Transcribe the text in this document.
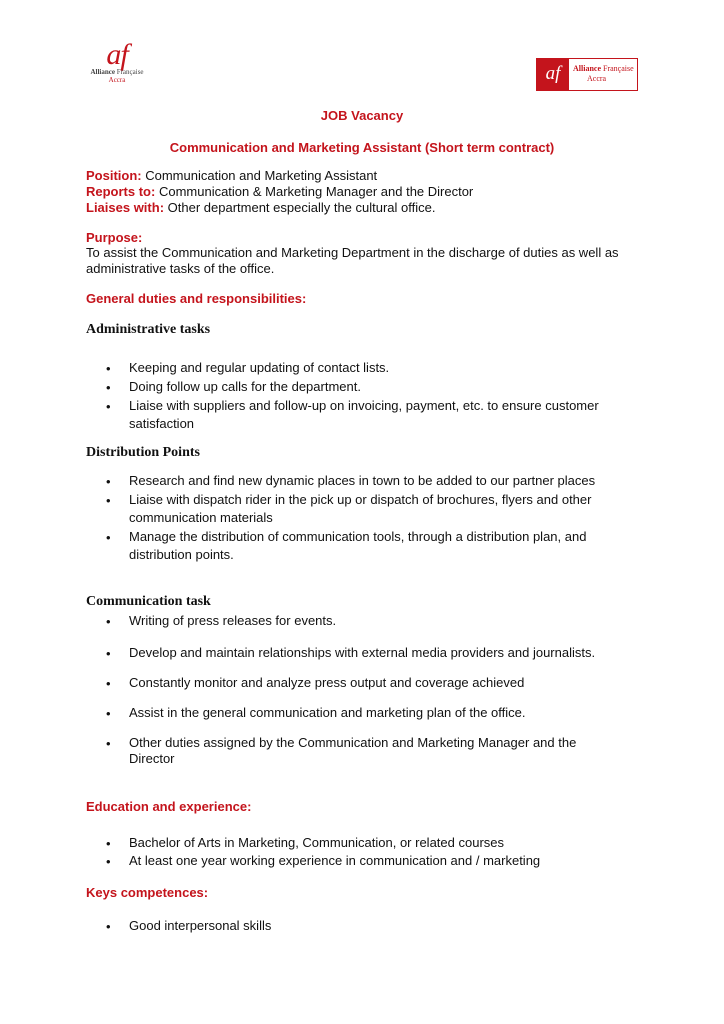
af
Alliance Française
Accra	af	Alliance Française
Accra
JOB Vacancy
Communication and Marketing Assistant (Short term contract)
Position: Communication and Marketing Assistant
Reports to: Communication & Marketing Manager and the Director
Liaises with: Other department especially the cultural office.
Purpose:
To assist the Communication and Marketing Department in the discharge of duties as well as
administrative tasks of the office.
General duties and responsibilities:
Administrative tasks
• Keeping and regular updating of contact lists.
• Doing follow up calls for the department.
• Liaise with suppliers and follow-up on invoicing, payment, etc. to ensure customer
satisfaction
Distribution Points
• Research and find new dynamic places in town to be added to our partner places
• Liaise with dispatch rider in the pick up or dispatch of brochures, flyers and other
communication materials
• Manage the distribution of communication tools, through a distribution plan, and
distribution points.
Communication task
• Writing of press releases for events.
• Develop and maintain relationships with external media providers and journalists.
• Constantly monitor and analyze press output and coverage achieved
• Assist in the general communication and marketing plan of the office.
• Other duties assigned by the Communication and Marketing Manager and the
Director
Education and experience:
• Bachelor of Arts in Marketing, Communication, or related courses
• At least one year working experience in communication and / marketing
Keys competences:
• Good interpersonal skills
